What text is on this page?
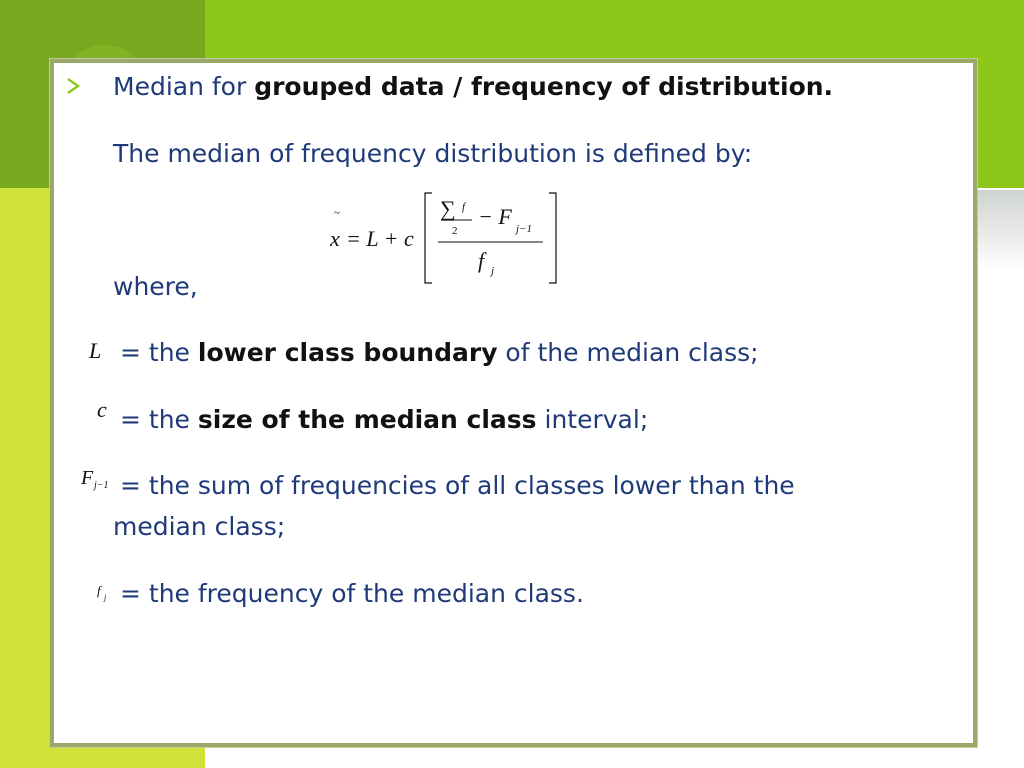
Median for grouped data / frequency of distribution.
The median of frequency distribution is defined by:
~
x = L + c
∑ f
2
− F j−1
f j
where,
L = the lower class boundary of the median class;
c = the size of the median class interval;
F j−1 = the sum of frequencies of all classes lower than the
median class;
f j = the frequency of the median class.
